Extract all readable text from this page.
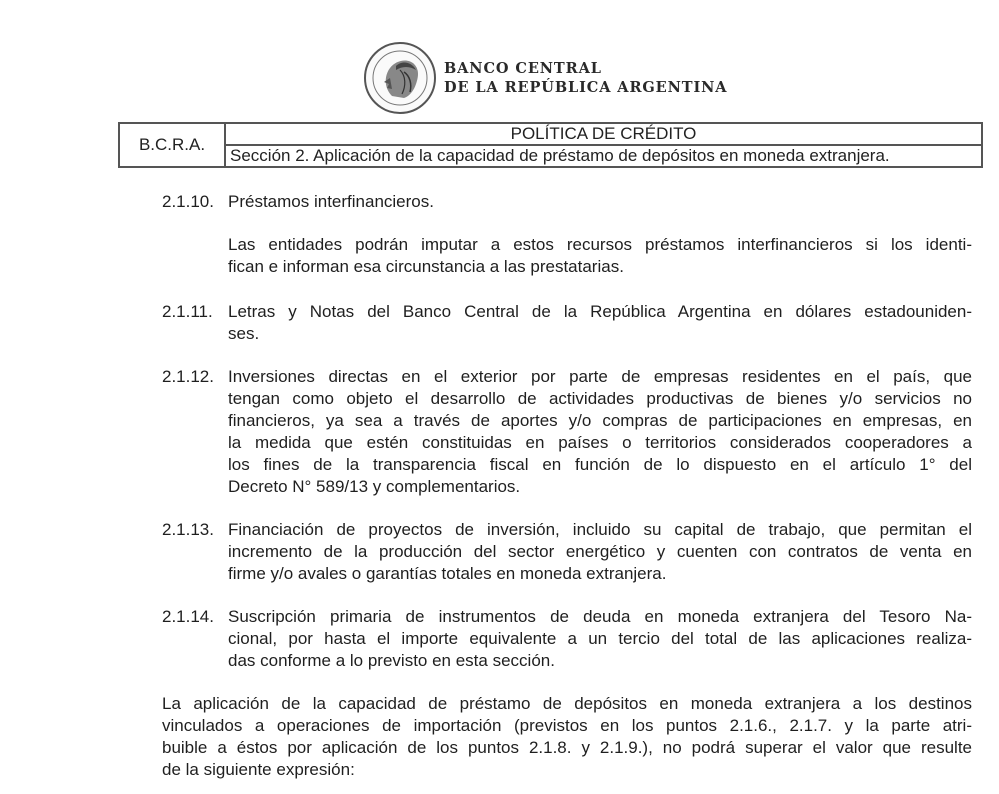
BANCO CENTRAL
DE LA REPÚBLICA ARGENTINA
B.C.R.A.	POLÍTICA DE CRÉDITO
Sección 2. Aplicación de la capacidad de préstamo de depósitos en moneda extranjera.
2.1.10. Préstamos interfinancieros.
Las entidades podrán imputar a estos recursos préstamos interfinancieros si los identi-
fican e informan esa circunstancia a las prestatarias.
2.1.11. Letras y Notas del Banco Central de la República Argentina en dólares estadouniden-
ses.
2.1.12. Inversiones directas en el exterior por parte de empresas residentes en el país, que
tengan como objeto el desarrollo de actividades productivas de bienes y/o servicios no
financieros, ya sea a través de aportes y/o compras de participaciones en empresas, en
la medida que estén constituidas en países o territorios considerados cooperadores a
los fines de la transparencia fiscal en función de lo dispuesto en el artículo 1° del
Decreto N° 589/13 y complementarios.
2.1.13. Financiación de proyectos de inversión, incluido su capital de trabajo, que permitan el
incremento de la producción del sector energético y cuenten con contratos de venta en
firme y/o avales o garantías totales en moneda extranjera.
2.1.14. Suscripción primaria de instrumentos de deuda en moneda extranjera del Tesoro Na-
cional, por hasta el importe equivalente a un tercio del total de las aplicaciones realiza-
das conforme a lo previsto en esta sección.
La aplicación de la capacidad de préstamo de depósitos en moneda extranjera a los destinos
vinculados a operaciones de importación (previstos en los puntos 2.1.6., 2.1.7. y la parte atri-
buible a éstos por aplicación de los puntos 2.1.8. y 2.1.9.), no podrá superar el valor que resulte
de la siguiente expresión:
